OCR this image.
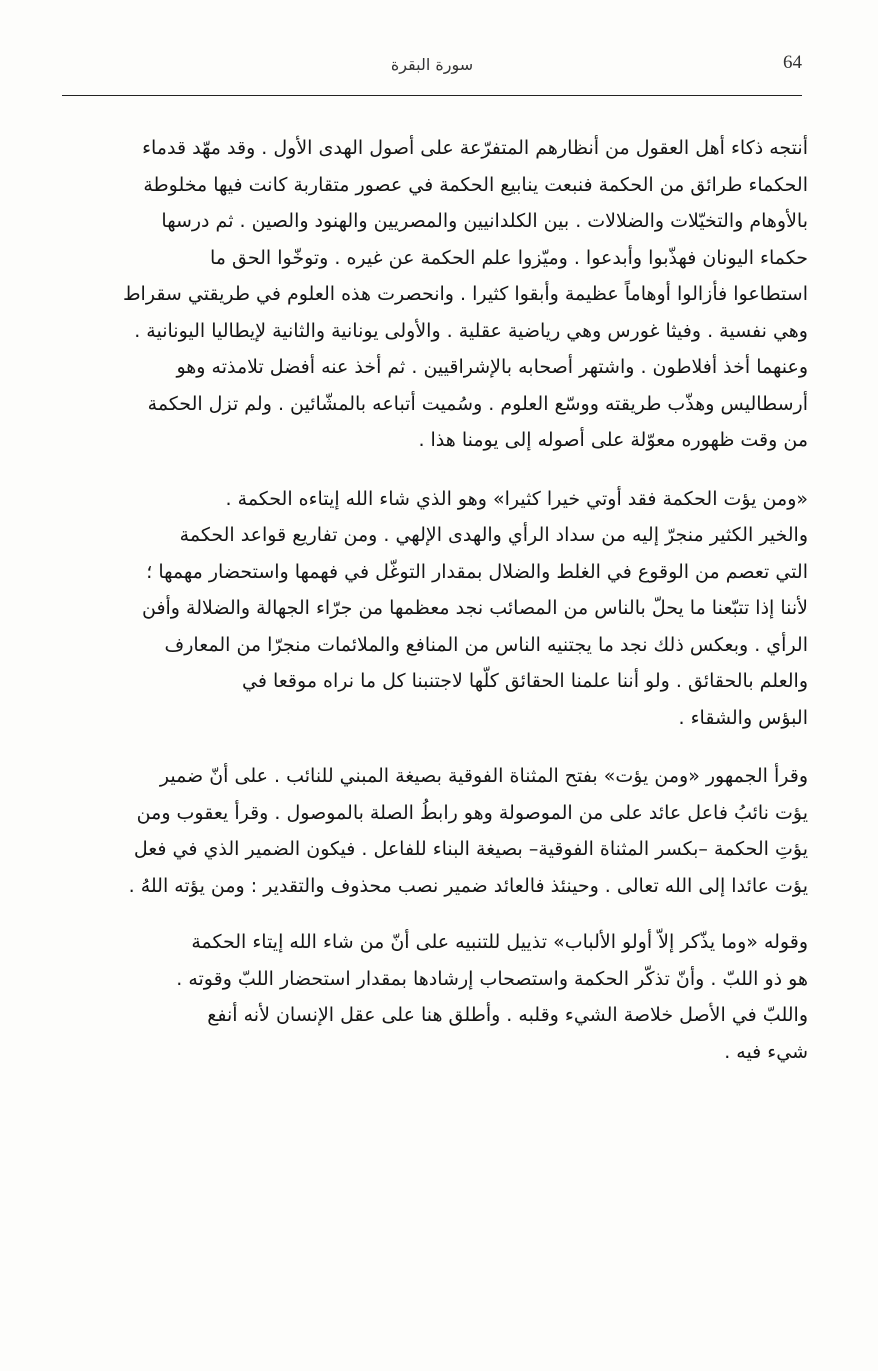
سورة البقرة	64
أنتجه ذكاء أهل العقول من أنظارهم المتفرّعة على أصول الهدى الأول . وقد مهّد قدماء
الحكماء طرائق من الحكمة فنبعت ينابيع الحكمة في عصور متقاربة كانت فيها مخلوطة
بالأوهام والتخيّلات والضلالات . بين الكلدانيين والمصريين والهنود والصين . ثم درسها
حكماء اليونان فهذّبوا وأبدعوا . وميّزوا علم الحكمة عن غيره . وتوخّوا الحق ما
استطاعوا فأزالوا أوهاماً عظيمة وأبقوا كثيرا . وانحصرت هذه العلوم في طريقتي سقراط
وهي نفسية . وفيثا غورس وهي رياضية عقلية . والأولى يونانية والثانية لإيطاليا اليونانية .
وعنهما أخذ أفلاطون . واشتهر أصحابه بالإشراقيين . ثم أخذ عنه أفضل تلامذته وهو
أرسطاليس وهذّب طريقته ووسّع العلوم . وسُميت أتباعه بالمشّائين . ولم تزل الحكمة
من وقت ظهوره معوّلة على أصوله إلى يومنا هذا .
«ومن يؤت الحكمة فقد أوتي خيرا كثيرا» وهو الذي شاء الله إيتاءه الحكمة .
والخير الكثير منجرّ إليه من سداد الرأي والهدى الإلهي . ومن تفاريع قواعد الحكمة
التي تعصم من الوقوع في الغلط والضلال بمقدار التوغّل في فهمها واستحضار مهمها ؛
لأننا إذا تتبّعنا ما يحلّ بالناس من المصائب نجد معظمها من جرّاء الجهالة والضلالة وأفن
الرأي . وبعكس ذلك نجد ما يجتنيه الناس من المنافع والملائمات منجرّا من المعارف
والعلم بالحقائق . ولو أننا علمنا الحقائق كلّها لاجتنبنا كل ما نراه موقعا في
البؤس والشقاء .
وقرأ الجمهور «ومن يؤت» بفتح المثناة الفوقية بصيغة المبني للنائب . على أنّ ضمير
يؤت نائبُ فاعل عائد على من الموصولة وهو رابطُ الصلة بالموصول . وقرأ يعقوب ومن
يؤتِ الحكمة –بكسر المثناة الفوقية– بصيغة البناء للفاعل . فيكون الضمير الذي في فعل
يؤت عائدا إلى الله تعالى . وحينئذ فالعائد ضمير نصب محذوف والتقدير : ومن يؤته اللهُ .
وقوله «وما يذّكر إلاّ أولو الألباب» تذييل للتنبيه على أنّ من شاء الله إيتاء الحكمة
هو ذو اللبّ . وأنّ تذكّر الحكمة واستصحاب إرشادها بمقدار استحضار اللبّ وقوته .
واللبّ في الأصل خلاصة الشيء وقلبه . وأطلق هنا على عقل الإنسان لأنه أنفع
شيء فيه .
